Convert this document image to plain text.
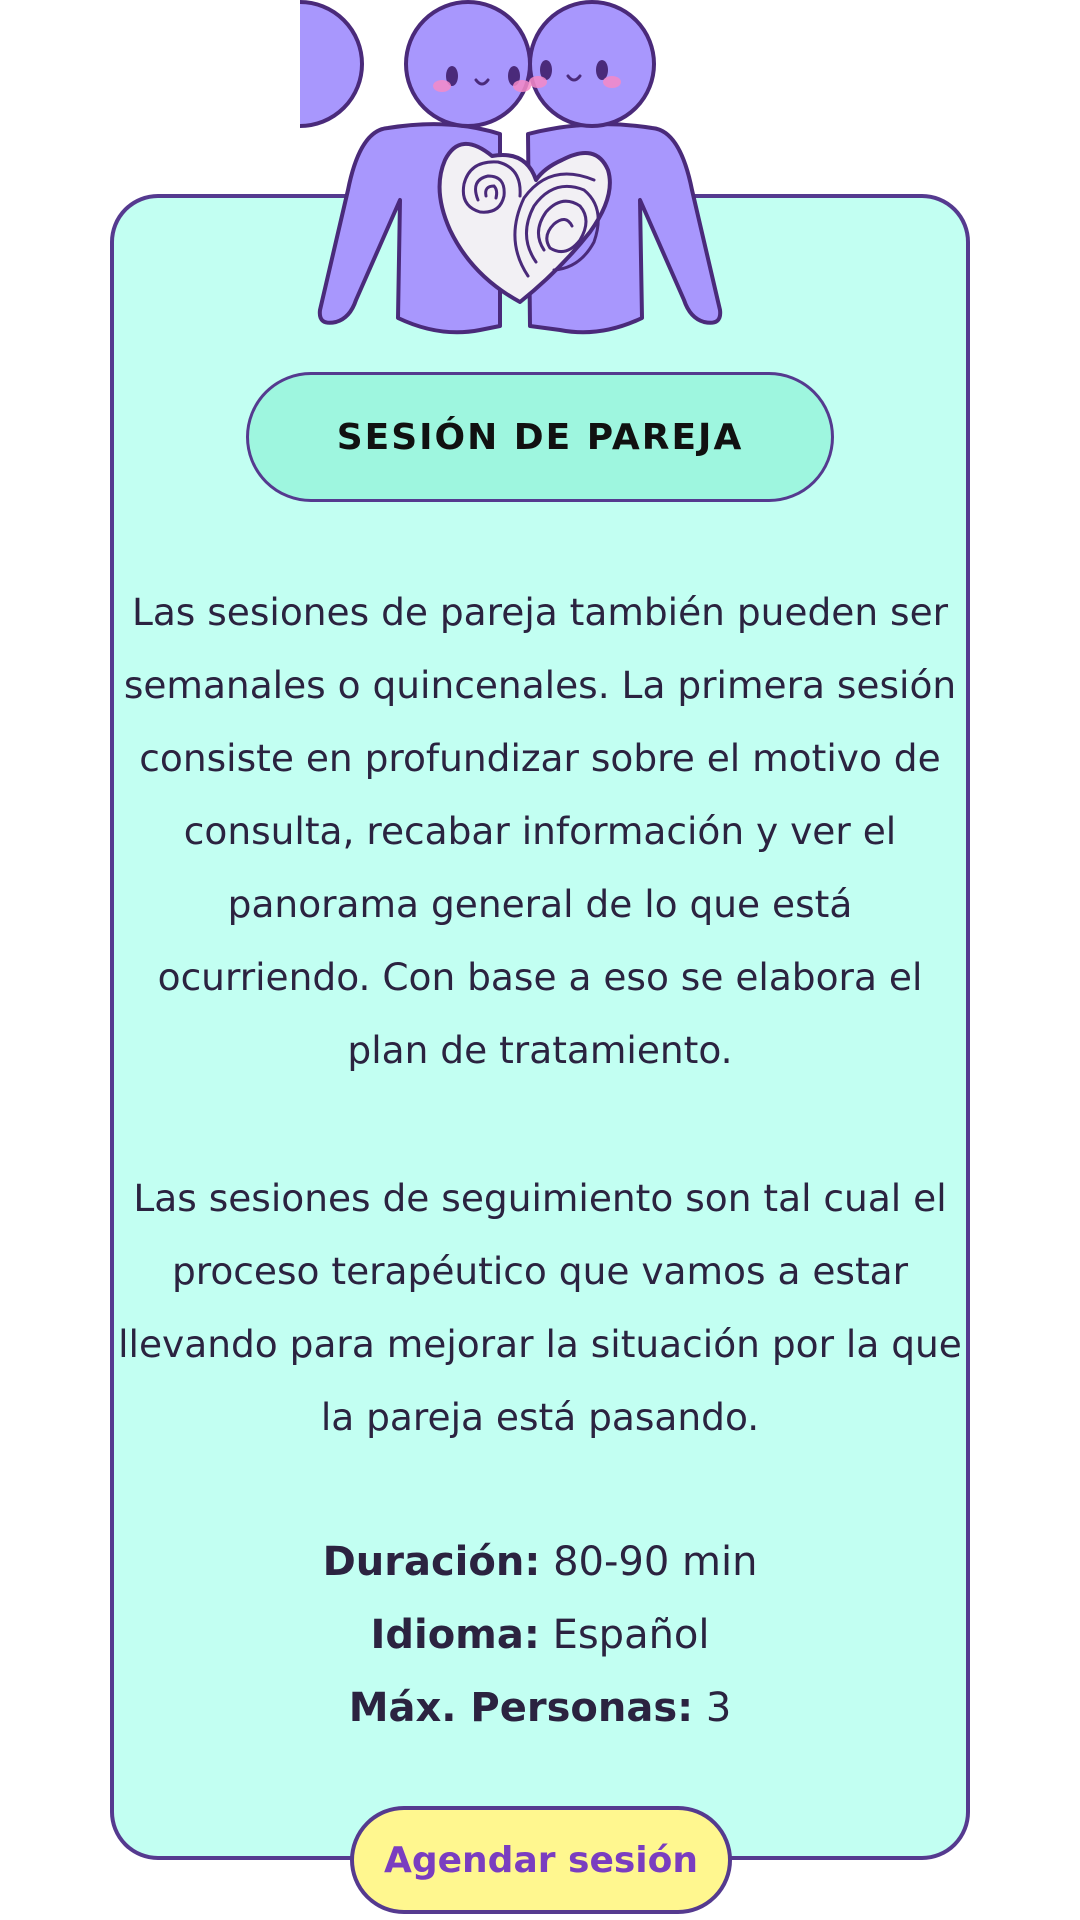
SESIÓN DE PAREJA

Las sesiones de pareja también pueden ser semanales o quincenales. La primera sesión consiste en profundizar sobre el motivo de consulta, recabar información y ver el panorama general de lo que está ocurriendo. Con base a eso se elabora el plan de tratamiento.

Las sesiones de seguimiento son tal cual el proceso terapéutico que vamos a estar llevando para mejorar la situación por la que la pareja está pasando.

Duración: 80-90 min
Idioma: Español
Máx. Personas: 3
Agendar sesión
